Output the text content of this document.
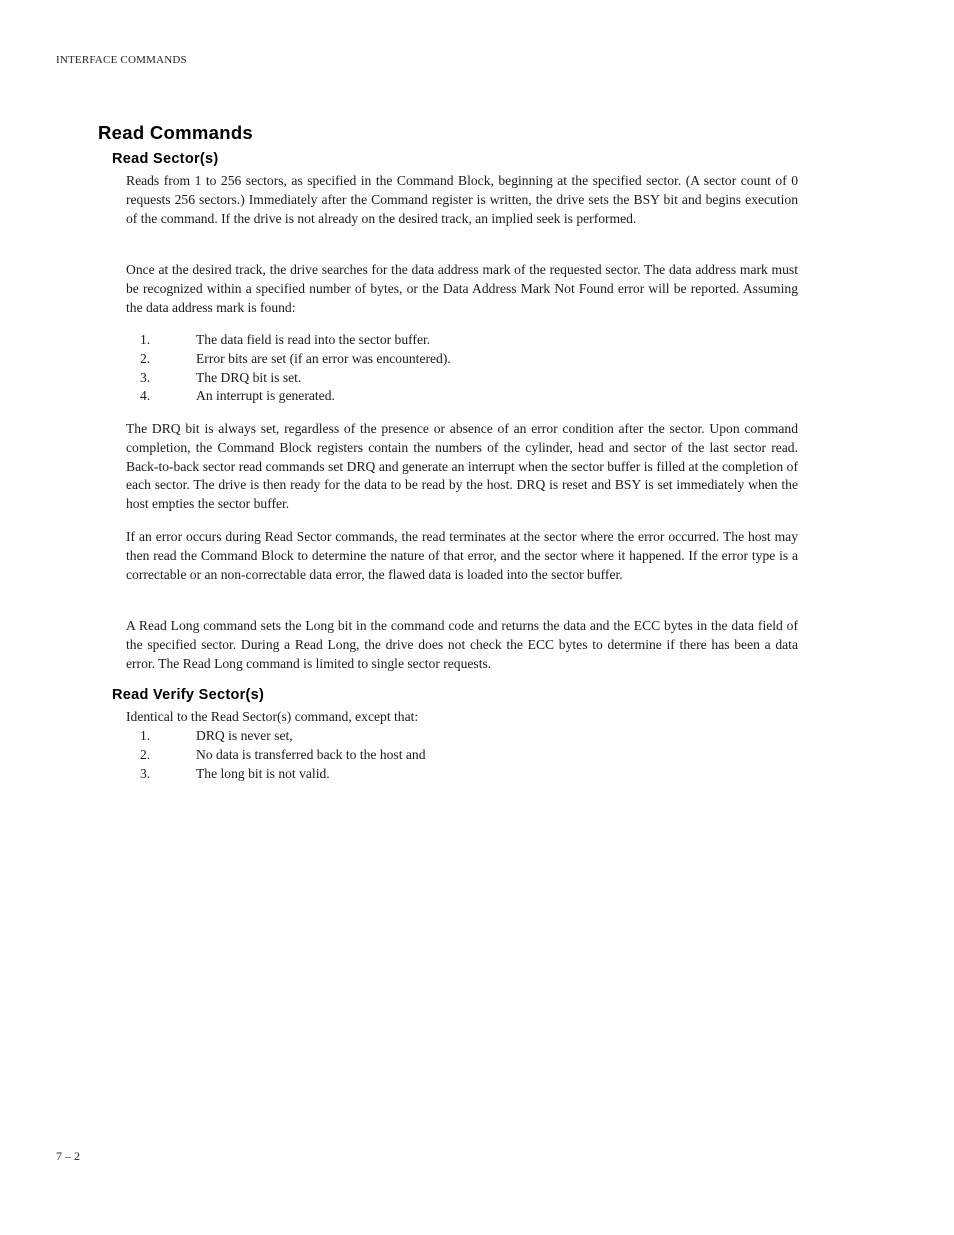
INTERFACE COMMANDS
Read Commands
Read Sector(s)

Reads from 1 to 256 sectors, as specified in the Command Block, beginning at the specified sector. (A sector count of 0 requests 256 sectors.) Immediately after the Command register is written, the drive sets the BSY bit and begins execution of the command. If the drive is not already on the desired track, an implied seek is performed.

Once at the desired track, the drive searches for the data address mark of the requested sector. The data address mark must be recognized within a specified number of bytes, or the Data Address Mark Not Found error will be reported. Assuming the data address mark is found:

1.	The data field is read into the sector buffer.
2.	Error bits are set (if an error was encountered).
3.	The DRQ bit is set.
4.	An interrupt is generated.

The DRQ bit is always set, regardless of the presence or absence of an error condition after the sector. Upon command completion, the Command Block registers contain the numbers of the cylinder, head and sector of the last sector read. Back-to-back sector read commands set DRQ and generate an interrupt when the sector buffer is filled at the completion of each sector. The drive is then ready for the data to be read by the host. DRQ is reset and BSY is set immediately when the host empties the sector buffer.

If an error occurs during Read Sector commands, the read terminates at the sector where the error occurred. The host may then read the Command Block to determine the nature of that error, and the sector where it happened. If the error type is a correctable or an non-correctable data error, the flawed data is loaded into the sector buffer.

A Read Long command sets the Long bit in the command code and returns the data and the ECC bytes in the data field of the specified sector. During a Read Long, the drive does not check the ECC bytes to determine if there has been a data error. The Read Long command is limited to single sector requests.

Read Verify Sector(s)

Identical to the Read Sector(s) command, except that:

1.	DRQ is never set,
2.	No data is transferred back to the host and
3.	The long bit is not valid.
7 – 2
